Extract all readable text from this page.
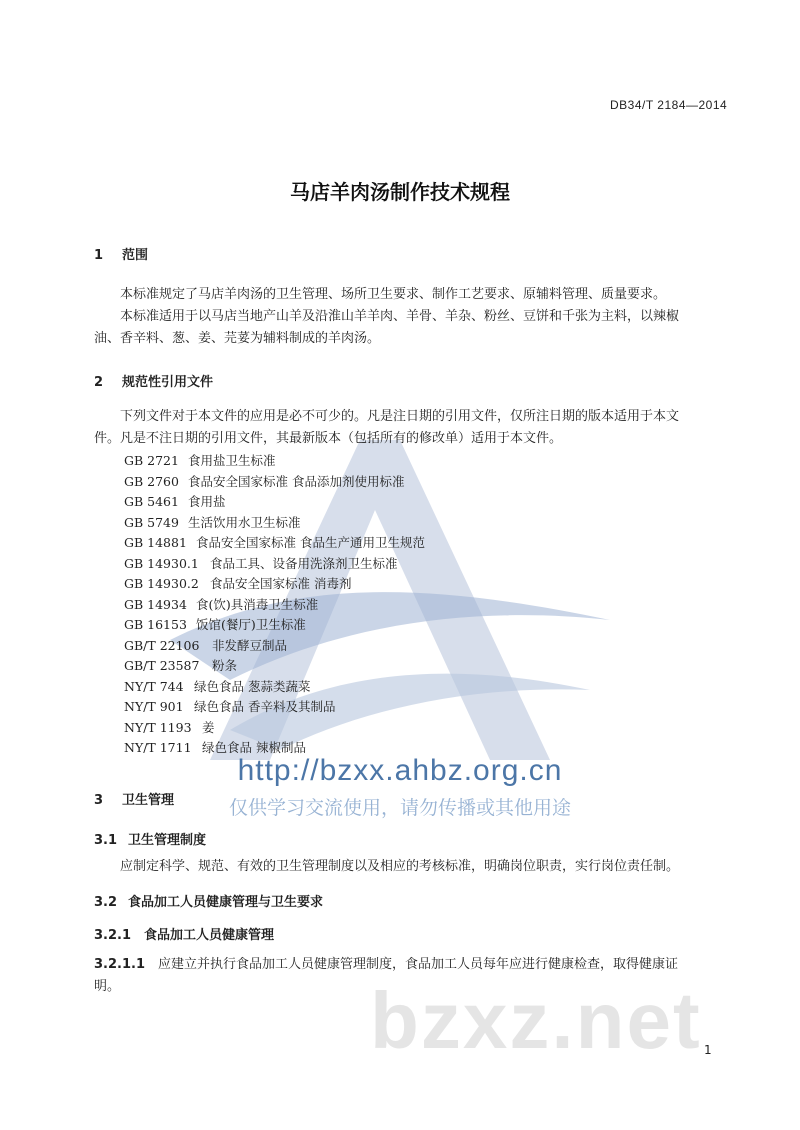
DB34/T 2184—2014
马店羊肉汤制作技术规程
1 范围
本标准规定了马店羊肉汤的卫生管理、场所卫生要求、制作工艺要求、原辅料管理、质量要求。
本标准适用于以马店当地产山羊及沿淮山羊羊肉、羊骨、羊杂、粉丝、豆饼和千张为主料，以辣椒
油、香辛料、葱、姜、芫荽为辅料制成的羊肉汤。
2 规范性引用文件
下列文件对于本文件的应用是必不可少的。凡是注日期的引用文件，仅所注日期的版本适用于本文
件。凡是不注日期的引用文件，其最新版本（包括所有的修改单）适用于本文件。
GB 2721 食用盐卫生标准
GB 2760 食品安全国家标准 食品添加剂使用标准
GB 5461 食用盐
GB 5749 生活饮用水卫生标准
GB 14881 食品安全国家标准 食品生产通用卫生规范
GB 14930.1 食品工具、设备用洗涤剂卫生标准
GB 14930.2 食品安全国家标准 消毒剂
GB 14934 食(饮)具消毒卫生标准
GB 16153 饭馆(餐厅)卫生标准
GB/T 22106 非发酵豆制品
GB/T 23587 粉条
NY/T 744 绿色食品 葱蒜类蔬菜
NY/T 901 绿色食品 香辛料及其制品
NY/T 1193 姜
NY/T 1711 绿色食品 辣椒制品
http://bzxx.ahbz.org.cn
仅供学习交流使用，请勿传播或其他用途
3 卫生管理
3.1 卫生管理制度
应制定科学、规范、有效的卫生管理制度以及相应的考核标准，明确岗位职责，实行岗位责任制。
3.2 食品加工人员健康管理与卫生要求
3.2.1 食品加工人员健康管理
3.2.1.1 应建立并执行食品加工人员健康管理制度，食品加工人员每年应进行健康检查，取得健康证
明。	bzxz.net 1
